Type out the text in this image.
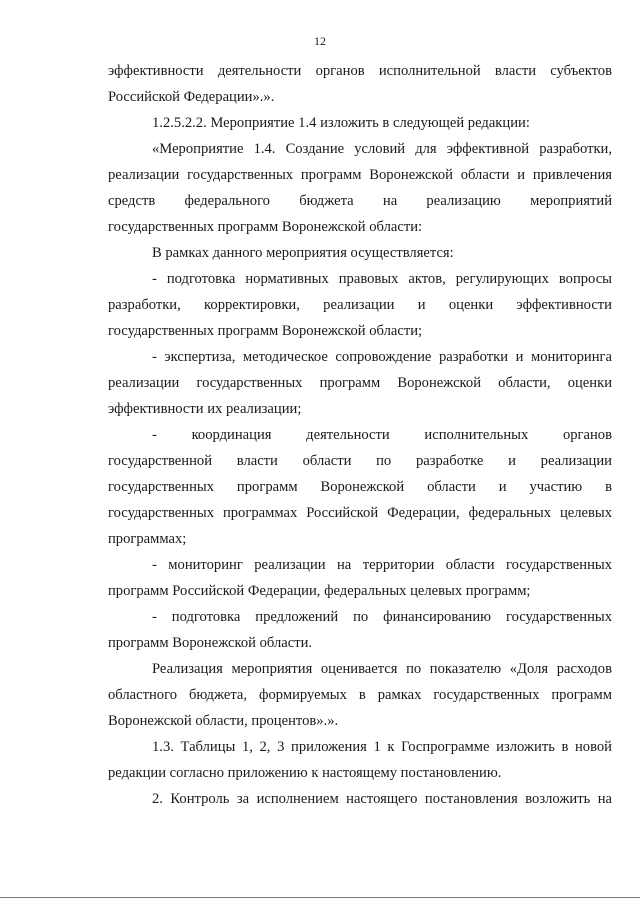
12
эффективности деятельности органов исполнительной власти субъектов
Российской Федерации».».
1.2.5.2.2. Мероприятие 1.4 изложить в следующей редакции:
«Мероприятие 1.4. Создание условий для эффективной разработки,
реализации государственных программ Воронежской области и привлечения
средств федерального бюджета на реализацию мероприятий
государственных программ Воронежской области:
В рамках данного мероприятия осуществляется:
- подготовка нормативных правовых актов, регулирующих вопросы
разработки, корректировки, реализации и оценки эффективности
государственных программ Воронежской области;
- экспертиза, методическое сопровождение разработки и мониторинга
реализации государственных программ Воронежской области, оценки
эффективности их реализации;
- координация деятельности исполнительных органов
государственной власти области по разработке и реализации
государственных программ Воронежской области и участию в
государственных программах Российской Федерации, федеральных целевых
программах;
- мониторинг реализации на территории области государственных
программ Российской Федерации, федеральных целевых программ;
- подготовка предложений по финансированию государственных
программ Воронежской области.
Реализация мероприятия оценивается по показателю «Доля расходов
областного бюджета, формируемых в рамках государственных программ
Воронежской области, процентов».».
1.3. Таблицы 1, 2, 3 приложения 1 к Госпрограмме изложить в новой
редакции согласно приложению к настоящему постановлению.
2. Контроль за исполнением настоящего постановления возложить на
